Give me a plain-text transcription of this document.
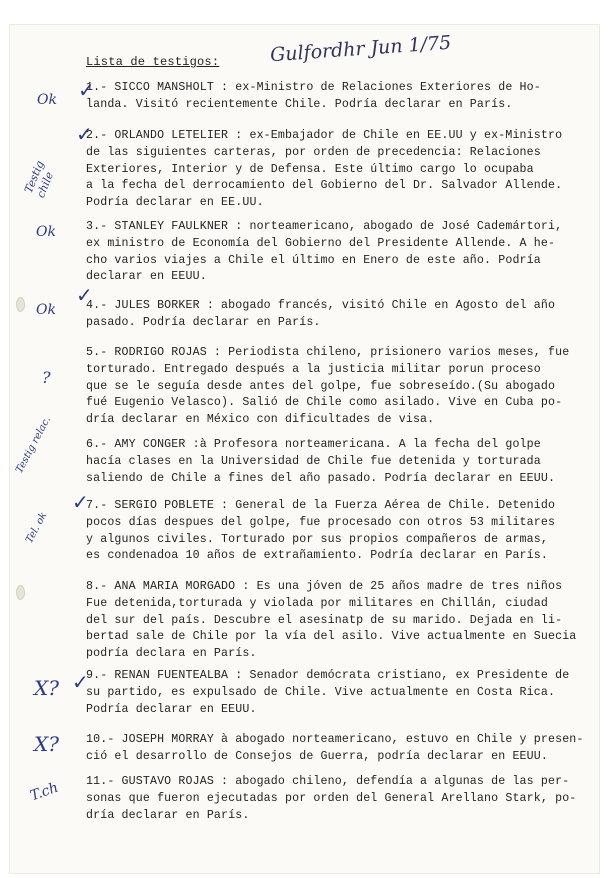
Lista de testigos:	Gulfordhr Jun 1/75
1.- SICCO MANSHOLT : ex-Ministro de Relaciones Exteriores de Ho-
landa. Visitó recientemente Chile. Podría declarar en París.
2.- ORLANDO LETELIER : ex-Embajador de Chile en EE.UU y ex-Ministro
de las siguientes carteras, por orden de precedencia: Relaciones
Exteriores, Interior y de Defensa. Este último cargo lo ocupaba
a la fecha del derrocamiento del Gobierno del Dr. Salvador Allende.
Podría declarar en EE.UU.
3.- STANLEY FAULKNER : norteamericano, abogado de José Cademártori,
ex ministro de Economía del Gobierno del Presidente Allende. A he-
cho varios viajes a Chile el último en Enero de este año. Podría
declarar en EEUU.
4.- JULES BORKER : abogado francés, visitó Chile en Agosto del año
pasado. Podría declarar en París.
5.- RODRIGO ROJAS : Periodista chileno, prisionero varios meses, fue
torturado. Entregado después a la justicia militar porun proceso
que se le seguía desde antes del golpe, fue sobreseído.(Su abogado
fué Eugenio Velasco). Salió de Chile como asilado. Vive en Cuba po-
dría declarar en México con dificultades de visa.
6.- AMY CONGER :à Profesora norteamericana. A la fecha del golpe
hacía clases en la Universidad de Chile fue detenida y torturada
saliendo de Chile a fines del año pasado. Podría declarar en EEUU.
7.- SERGIO POBLETE : General de la Fuerza Aérea de Chile. Detenido
pocos días despues del golpe, fue procesado con otros 53 militares
y algunos civiles. Torturado por sus propios compañeros de armas,
es condenadoa 10 años de extrañamiento. Podría declarar en París.
8.- ANA MARIA MORGADO : Es una jóven de 25 años madre de tres niños
Fue detenida,torturada y violada por militares en Chillán, ciudad
del sur del país. Descubre el asesinatp de su marido. Dejada en li-
bertad sale de Chile por la vía del asilo. Vive actualmente en Suecia
podría declara en París.
9.- RENAN FUENTEALBA : Senador demócrata cristiano, ex Presidente de
su partido, es expulsado de Chile. Vive actualmente en Costa Rica.
Podría declarar en EEUU.
10.- JOSEPH MORRAY à abogado norteamericano, estuvo en Chile y presen-
ció el desarrollo de Consejos de Guerra, podría declarar en EEUU.
11.- GUSTAVO ROJAS : abogado chileno, defendía a algunas de las per-
sonas que fueron ejecutadas por orden del General Arellano Stark, po-
dría declarar en París.
Ok
Testig chile
Ok
Ok
?
Testig relac.
Tel. ok
X?
X?
T.ch
✓
✓
✓
✓
✓
